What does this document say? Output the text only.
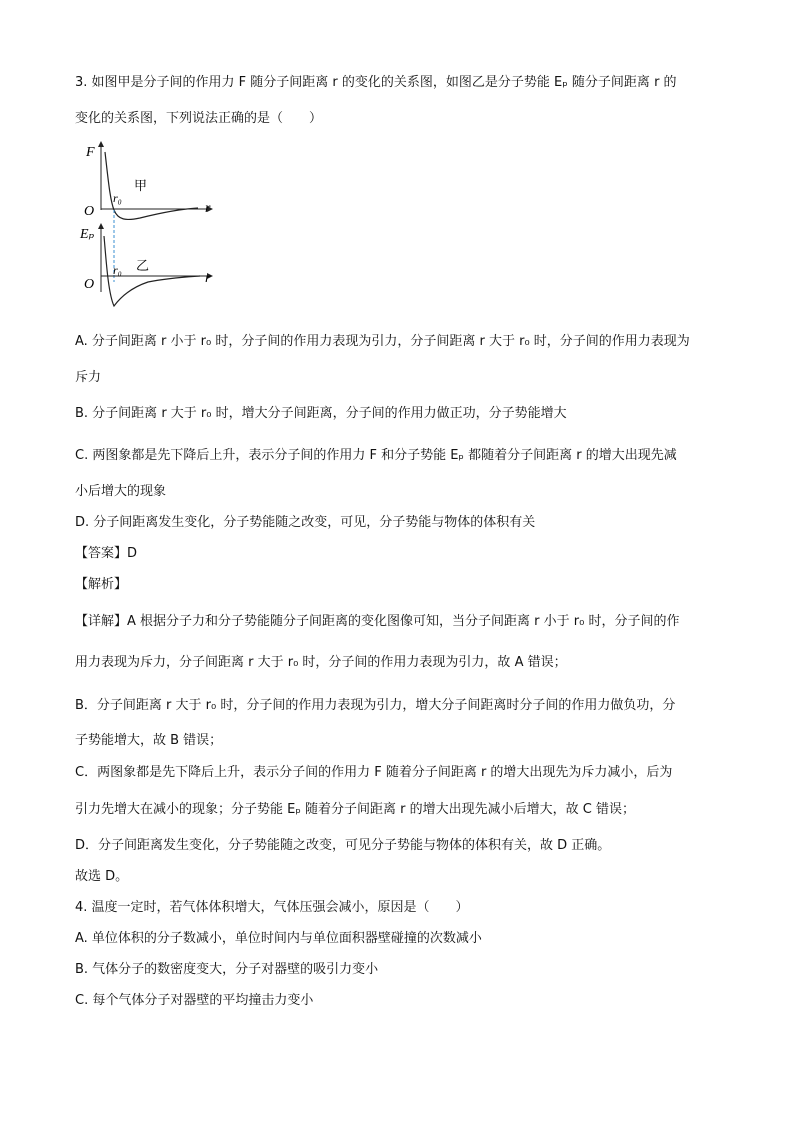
3. 如图甲是分子间的作用力 F 随分子间距离 r 的变化的关系图，如图乙是分子势能 Eₚ 随分子间距离 r 的
变化的关系图，下列说法正确的是（　　）
F
r
O
r₀
甲
Eₚ
r
O
r₀ 乙
A. 分子间距离 r 小于 r₀ 时，分子间的作用力表现为引力，分子间距离 r 大于 r₀ 时，分子间的作用力表现为
斥力
B. 分子间距离 r 大于 r₀ 时，增大分子间距离，分子间的作用力做正功，分子势能增大
C. 两图象都是先下降后上升，表示分子间的作用力 F 和分子势能 Eₚ 都随着分子间距离 r 的增大出现先减
小后增大的现象
D. 分子间距离发生变化，分子势能随之改变，可见，分子势能与物体的体积有关
【答案】D
【解析】
【详解】A 根据分子力和分子势能随分子间距离的变化图像可知，当分子间距离 r 小于 r₀ 时，分子间的作
用力表现为斥力，分子间距离 r 大于 r₀ 时，分子间的作用力表现为引力，故 A 错误；
B．分子间距离 r 大于 r₀ 时，分子间的作用力表现为引力，增大分子间距离时分子间的作用力做负功，分
子势能增大，故 B 错误；
C．两图象都是先下降后上升，表示分子间的作用力 F 随着分子间距离 r 的增大出现先为斥力减小，后为
引力先增大在减小的现象；分子势能 Eₚ 随着分子间距离 r 的增大出现先减小后增大，故 C 错误；
D．分子间距离发生变化，分子势能随之改变，可见分子势能与物体的体积有关，故 D 正确。
故选 D。
4. 温度一定时，若气体体积增大，气体压强会减小，原因是（　　）
A. 单位体积的分子数减小，单位时间内与单位面积器壁碰撞的次数减小
B. 气体分子的数密度变大，分子对器壁的吸引力变小
C. 每个气体分子对器壁的平均撞击力变小
